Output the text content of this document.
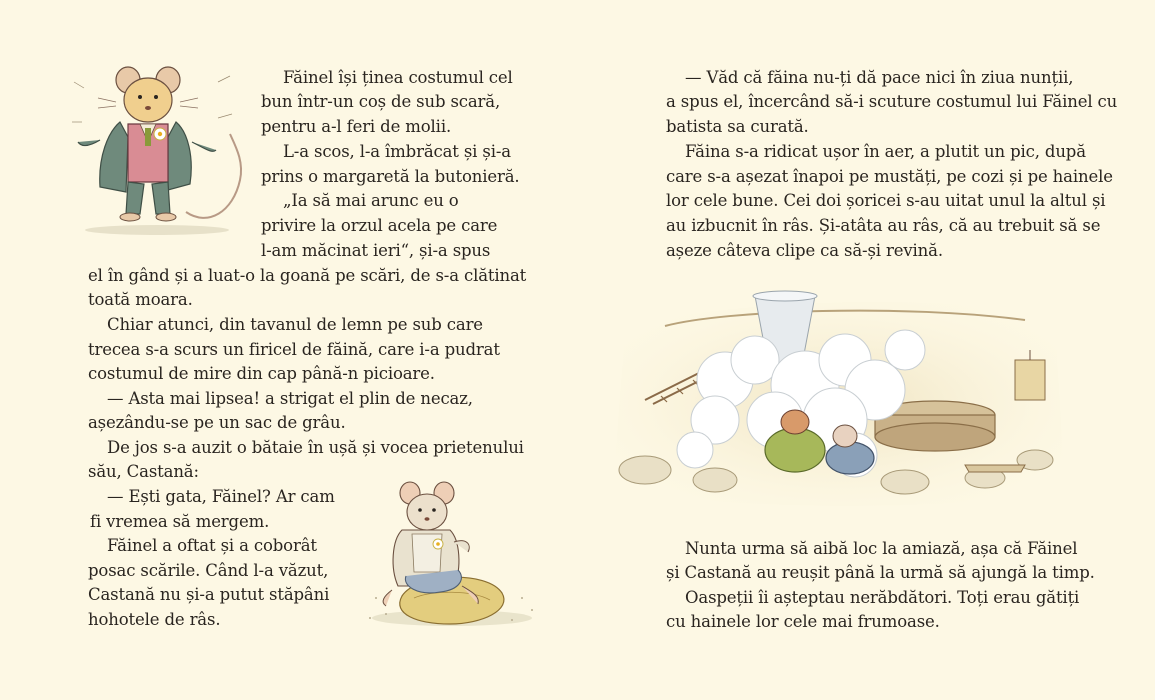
Făinel își ținea costumul cel
bun într-un coș de sub scară,
pentru a-l feri de molii.
L-a scos, l-a îmbrăcat și și-a
prins o margaretă la butonieră.
„Ia să mai arunc eu o
privire la orzul acela pe care
l-am măcinat ieri“, și-a spus
el în gând și a luat-o la goană pe scări, de s-a clătinat
toată moara.
Chiar atunci, din tavanul de lemn pe sub care
trecea s-a scurs un firicel de făină, care i-a pudrat
costumul de mire din cap până-n picioare.
— Asta mai lipsea! a strigat el plin de necaz,
așezându-se pe un sac de grâu.
De jos s-a auzit o bătaie în ușă și vocea prietenului
său, Castană:
— Ești gata, Făinel? Ar cam
fi vremea să mergem.
Făinel a oftat și a coborât
posac scările. Când l-a văzut,
Castană nu și-a putut stăpâni
hohotele de râs.
— Văd că făina nu-ți dă pace nici în ziua nunții,
a spus el, încercând să-i scuture costumul lui Făinel cu
batista sa curată.
Făina s-a ridicat ușor în aer, a plutit un pic, după
care s-a așezat înapoi pe mustăți, pe cozi și pe hainele
lor cele bune. Cei doi șoricei s-au uitat unul la altul și
au izbucnit în râs. Și-atâta au râs, că au trebuit să se
așeze câteva clipe ca să-și revină.
Nunta urma să aibă loc la amiază, așa că Făinel
și Castană au reușit până la urmă să ajungă la timp.
Oaspeții îi așteptau nerăbdători. Toți erau gătiți
cu hainele lor cele mai frumoase.
